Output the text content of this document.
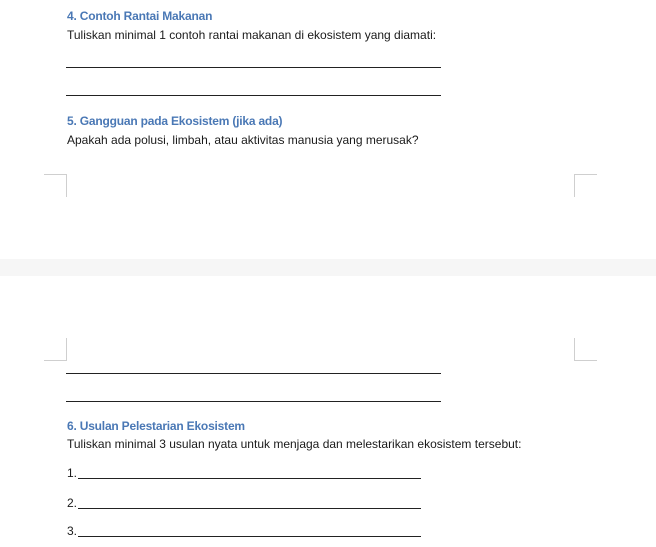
4. Contoh Rantai Makanan

Tuliskan minimal 1 contoh rantai makanan di ekosistem yang diamati:

5. Gangguan pada Ekosistem (jika ada)

Apakah ada polusi, limbah, atau aktivitas manusia yang merusak?

6. Usulan Pelestarian Ekosistem

Tuliskan minimal 3 usulan nyata untuk menjaga dan melestarikan ekosistem tersebut:

1.
2.
3.
